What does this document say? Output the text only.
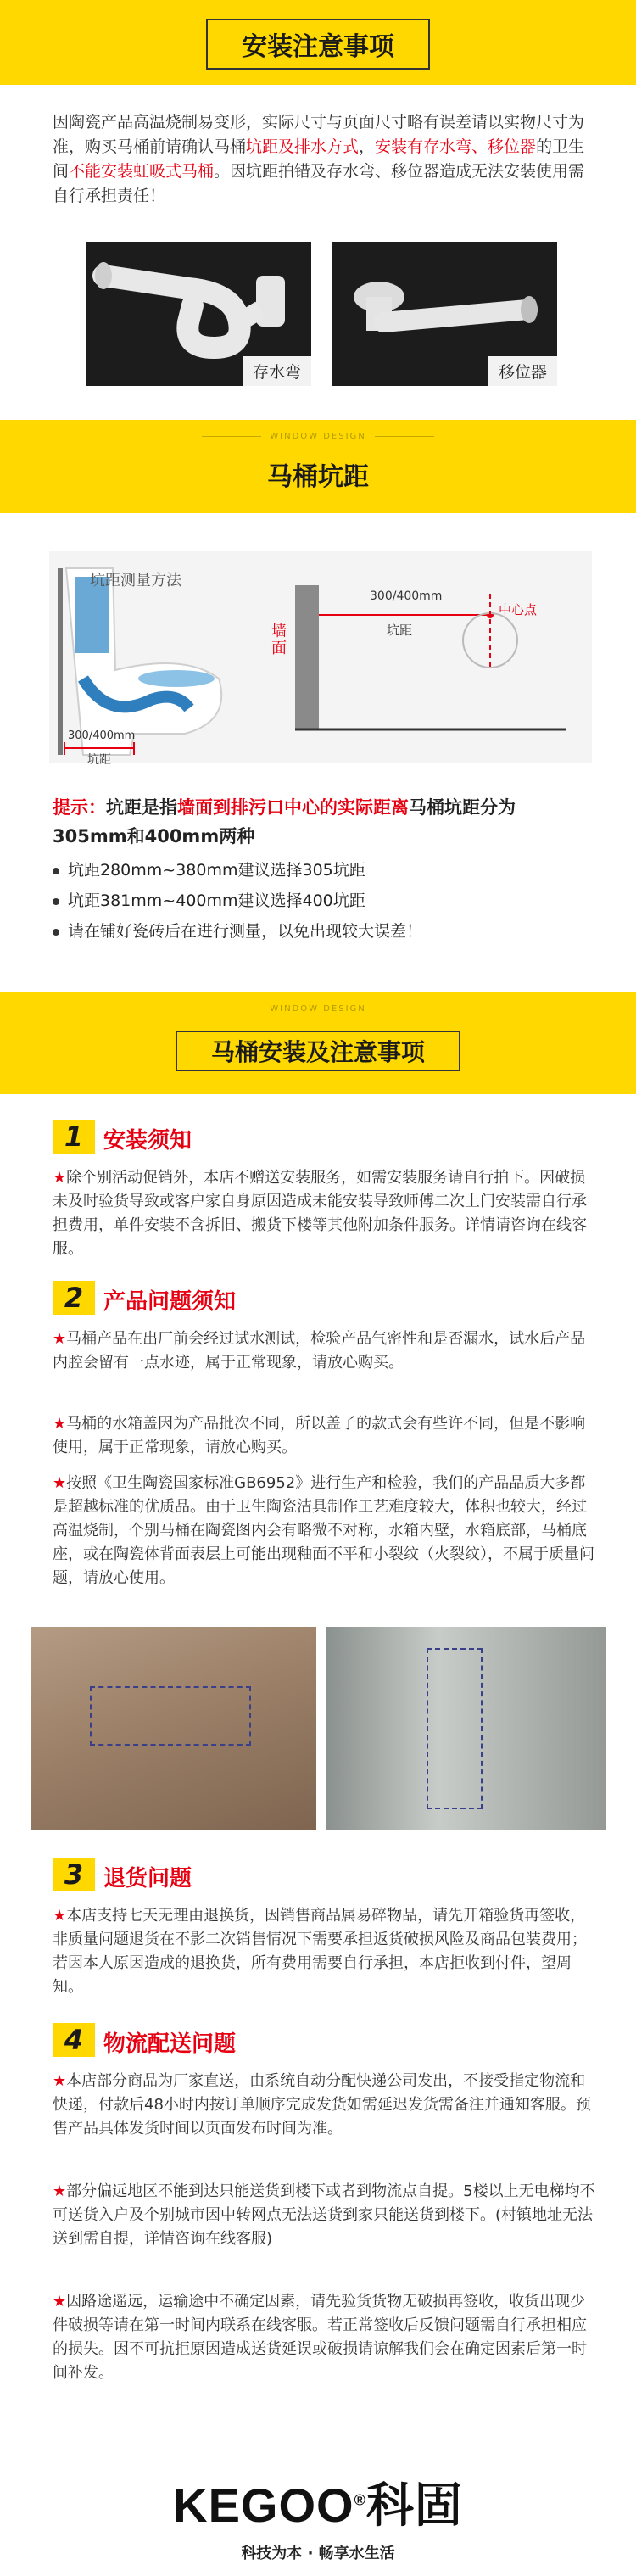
安装注意事项
因陶瓷产品高温烧制易变形，实际尺寸与页面尺寸略有误差请以实物尺寸为准，购买马桶前请确认马桶坑距及排水方式，安装有存水弯、移位器的卫生间不能安装虹吸式马桶。因坑距拍错及存水弯、移位器造成无法安装使用需自行承担责任！
存水弯	移位器
WINDOW DESIGN
马桶坑距
坑距测量方法
300/400mm
坑距
墙面
300/400mm
坑距
中心点
提示：坑距是指墙面到排污口中心的实际距离马桶坑距分为305mm和400mm两种
坑距280mm~380mm建议选择305坑距
坑距381mm~400mm建议选择400坑距
请在铺好瓷砖后在进行测量，以免出现较大误差！
WINDOW DESIGN
马桶安装及注意事项
1 安装须知
★除个别活动促销外，本店不赠送安装服务，如需安装服务请自行拍下。因破损未及时验货导致或客户家自身原因造成未能安装导致师傅二次上门安装需自行承担费用，单件安装不含拆旧、搬货下楼等其他附加条件服务。详情请咨询在线客服。
2 产品问题须知
★马桶产品在出厂前会经过试水测试，检验产品气密性和是否漏水，试水后产品内腔会留有一点水迹，属于正常现象，请放心购买。
★马桶的水箱盖因为产品批次不同，所以盖子的款式会有些许不同，但是不影响使用，属于正常现象，请放心购买。
★按照《卫生陶瓷国家标准GB6952》进行生产和检验，我们的产品品质大多都是超越标准的优质品。由于卫生陶瓷洁具制作工艺难度较大，体积也较大，经过高温烧制，个别马桶在陶瓷图内会有略微不对称，水箱内壁，水箱底部，马桶底座，或在陶瓷体背面表层上可能出现釉面不平和小裂纹（火裂纹），不属于质量问题，请放心使用。
3 退货问题
★本店支持七天无理由退换货，因销售商品属易碎物品，请先开箱验货再签收，非质量问题退货在不影二次销售情况下需要承担返货破损风险及商品包装费用；若因本人原因造成的退换货，所有费用需要自行承担，本店拒收到付件，望周知。
4 物流配送问题
★本店部分商品为厂家直送，由系统自动分配快递公司发出，不接受指定物流和快递，付款后48小时内按订单顺序完成发货如需延迟发货需备注并通知客服。预售产品具体发货时间以页面发布时间为准。
★部分偏远地区不能到达只能送货到楼下或者到物流点自提。5楼以上无电梯均不可送货入户及个别城市因中转网点无法送货到家只能送货到楼下。(村镇地址无法送到需自提，详情咨询在线客服)
★因路途遥远，运输途中不确定因素，请先验货货物无破损再签收，收货出现少件破损等请在第一时间内联系在线客服。若正常签收后反馈问题需自行承担相应的损失。因不可抗拒原因造成送货延误或破损请谅解我们会在确定因素后第一时间补发。
KEGOO®科固
科技为本 · 畅享水生活
